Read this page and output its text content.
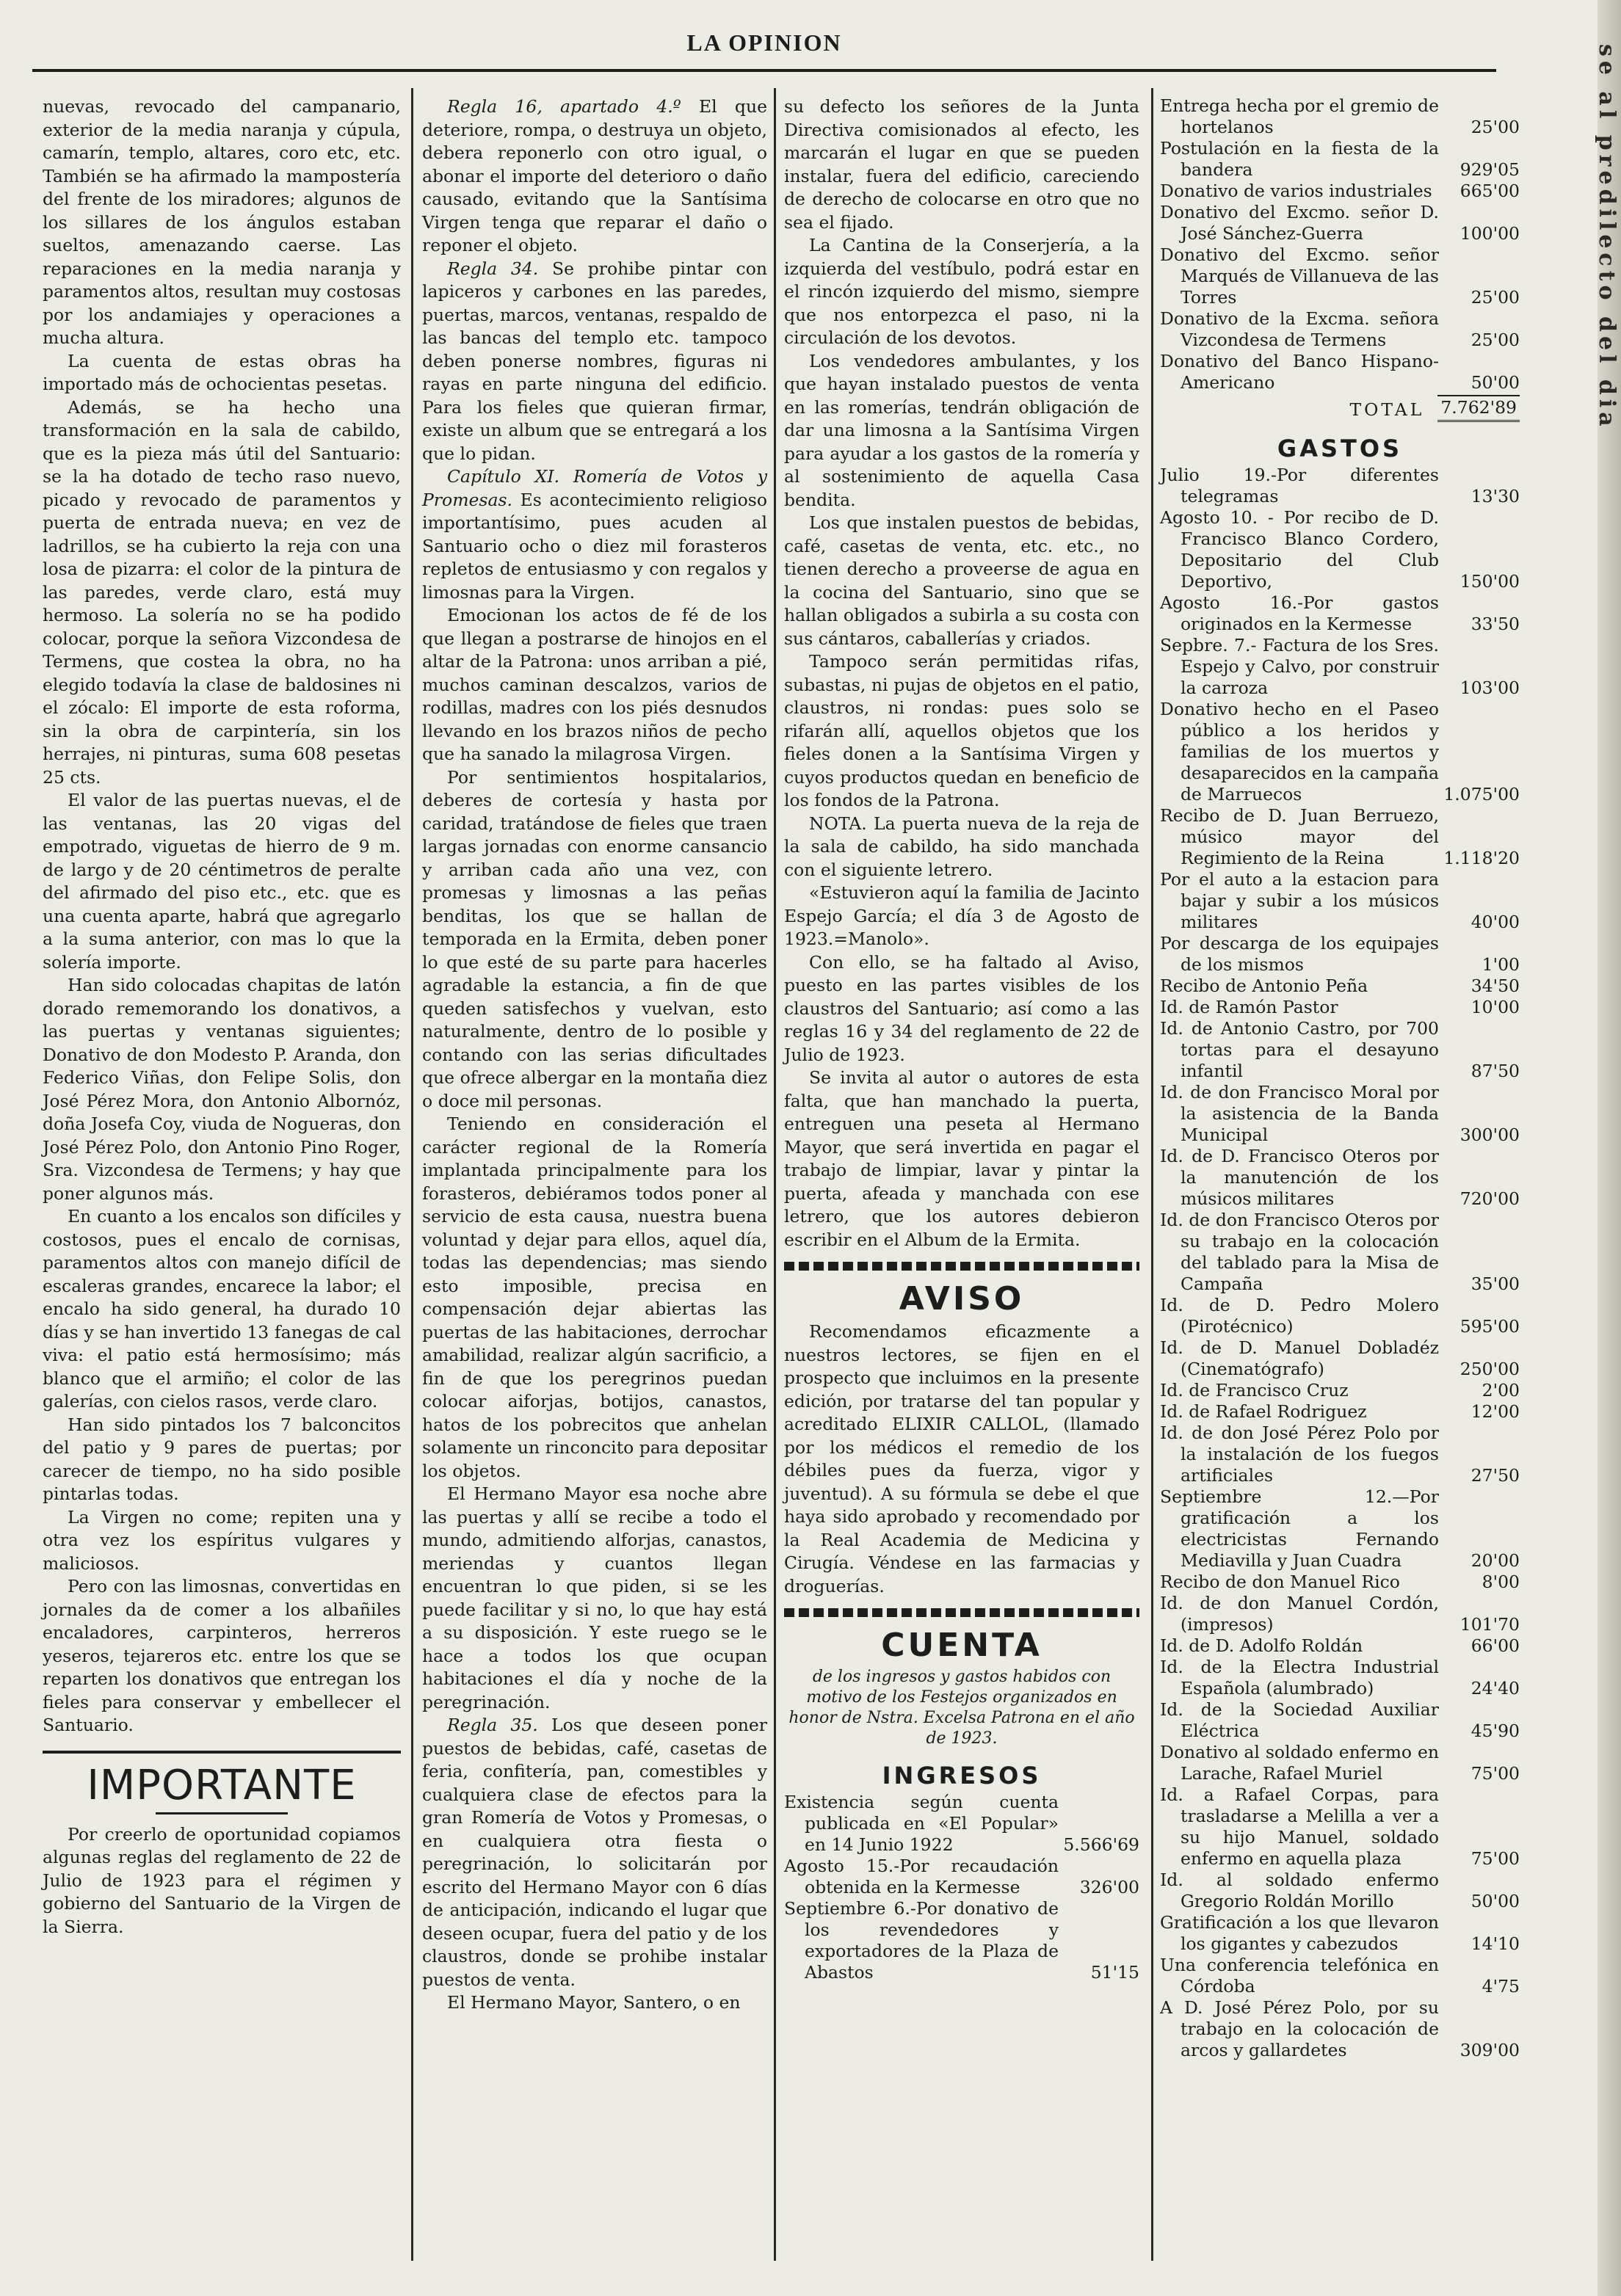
LA OPINION

nuevas, revocado del campanario, exterior de la media naranja y cúpula, camarín, templo, altares, coro etc, etc. También se ha afirmado la mampostería del frente de los miradores; algunos de los sillares de los ángulos estaban sueltos, amenazando caerse. Las reparaciones en la media naranja y paramentos altos, resultan muy costosas por los andamiajes y operaciones a mucha altura.

La cuenta de estas obras ha importado más de ochocientas pesetas.

Además, se ha hecho una transformación en la sala de cabildo, que es la pieza más útil del Santuario: se la ha dotado de techo raso nuevo, picado y revocado de paramentos y puerta de entrada nueva; en vez de ladrillos, se ha cubierto la reja con una losa de pizarra: el color de la pintura de las paredes, verde claro, está muy hermoso. La solería no se ha podido colocar, porque la señora Vizcondesa de Termens, que costea la obra, no ha elegido todavía la clase de baldosines ni el zócalo: El importe de esta roforma, sin la obra de carpintería, sin los herrajes, ni pinturas, suma 608 pesetas 25 cts.

El valor de las puertas nuevas, el de las ventanas, las 20 vigas del empotrado, viguetas de hierro de 9 m. de largo y de 20 céntimetros de peralte del afirmado del piso etc., etc. que es una cuenta aparte, habrá que agregarlo a la suma anterior, con mas lo que la solería importe.

Han sido colocadas chapitas de latón dorado rememorando los donativos, a las puertas y ventanas siguientes; Donativo de don Modesto P. Aranda, don Federico Viñas, don Felipe Solis, don José Pérez Mora, don Antonio Albornóz, doña Josefa Coy, viuda de Nogueras, don José Pérez Polo, don Antonio Pino Roger, Sra. Vizcondesa de Termens; y hay que poner algunos más.

En cuanto a los encalos son difíciles y costosos, pues el encalo de cornisas, paramentos altos con manejo difícil de escaleras grandes, encarece la labor; el encalo ha sido general, ha durado 10 días y se han invertido 13 fanegas de cal viva: el patio está hermosísimo; más blanco que el armiño; el color de las galerías, con cielos rasos, verde claro.

Han sido pintados los 7 balconcitos del patio y 9 pares de puertas; por carecer de tiempo, no ha sido posible pintarlas todas.

La Virgen no come; repiten una y otra vez los espíritus vulgares y maliciosos.

Pero con las limosnas, convertidas en jornales da de comer a los albañiles encaladores, carpinteros, herreros yeseros, tejareros etc. entre los que se reparten los donativos que entregan los fieles para conservar y embellecer el Santuario.

IMPORTANTE

Por creerlo de oportunidad copiamos algunas reglas del reglamento de 22 de Julio de 1923 para el régimen y gobierno del Santuario de la Virgen de la Sierra.

Regla 16, apartado 4.º El que deteriore, rompa, o destruya un objeto, debera reponerlo con otro igual, o abonar el importe del deterioro o daño causado, evitando que la Santísima Virgen tenga que reparar el daño o reponer el objeto.

Regla 34. Se prohibe pintar con lapiceros y carbones en las paredes, puertas, marcos, ventanas, respaldo de las bancas del templo etc. tampoco deben ponerse nombres, figuras ni rayas en parte ninguna del edificio. Para los fieles que quieran firmar, existe un album que se entregará a los que lo pidan.

Capítulo XI. Romería de Votos y Promesas. Es acontecimiento religioso importantísimo, pues acuden al Santuario ocho o diez mil forasteros repletos de entusiasmo y con regalos y limosnas para la Virgen.

Emocionan los actos de fé de los que llegan a postrarse de hinojos en el altar de la Patrona: unos arriban a pié, muchos caminan descalzos, varios de rodillas, madres con los piés desnudos llevando en los brazos niños de pecho que ha sanado la milagrosa Virgen.

Por sentimientos hospitalarios, deberes de cortesía y hasta por caridad, tratándose de fieles que traen largas jornadas con enorme cansancio y arriban cada año una vez, con promesas y limosnas a las peñas benditas, los que se hallan de temporada en la Ermita, deben poner lo que esté de su parte para hacerles agradable la estancia, a fin de que queden satisfechos y vuelvan, esto naturalmente, dentro de lo posible y contando con las serias dificultades que ofrece albergar en la montaña diez o doce mil personas.

Teniendo en consideración el carácter regional de la Romería implantada principalmente para los forasteros, debiéramos todos poner al servicio de esta causa, nuestra buena voluntad y dejar para ellos, aquel día, todas las dependencias; mas siendo esto imposible, precisa en compensación dejar abiertas las puertas de las habitaciones, derrochar amabilidad, realizar algún sacrificio, a fin de que los peregrinos puedan colocar aiforjas, botijos, canastos, hatos de los pobrecitos que anhelan solamente un rinconcito para depositar los objetos.

El Hermano Mayor esa noche abre las puertas y allí se recibe a todo el mundo, admitiendo alforjas, canastos, meriendas y cuantos llegan encuentran lo que piden, si se les puede facilitar y si no, lo que hay está a su disposición. Y este ruego se le hace a todos los que ocupan habitaciones el día y noche de la peregrinación.

Regla 35. Los que deseen poner puestos de bebidas, café, casetas de feria, confitería, pan, comestibles y cualquiera clase de efectos para la gran Romería de Votos y Promesas, o en cualquiera otra fiesta o peregrinación, lo solicitarán por escrito del Hermano Mayor con 6 días de anticipación, indicando el lugar que deseen ocupar, fuera del patio y de los claustros, donde se prohibe instalar puestos de venta.

El Hermano Mayor, Santero, o en

su defecto los señores de la Junta Directiva comisionados al efecto, les marcarán el lugar en que se pueden instalar, fuera del edificio, careciendo de derecho de colocarse en otro que no sea el fijado.

La Cantina de la Conserjería, a la izquierda del vestíbulo, podrá estar en el rincón izquierdo del mismo, siempre que nos entorpezca el paso, ni la circulación de los devotos.

Los vendedores ambulantes, y los que hayan instalado puestos de venta en las romerías, tendrán obligación de dar una limosna a la Santísima Virgen para ayudar a los gastos de la romería y al sostenimiento de aquella Casa bendita.

Los que instalen puestos de bebidas, café, casetas de venta, etc. etc., no tienen derecho a proveerse de agua en la cocina del Santuario, sino que se hallan obligados a subirla a su costa con sus cántaros, caballerías y criados.

Tampoco serán permitidas rifas, subastas, ni pujas de objetos en el patio, claustros, ni rondas: pues solo se rifarán allí, aquellos objetos que los fieles donen a la Santísima Virgen y cuyos productos quedan en beneficio de los fondos de la Patrona.

NOTA. La puerta nueva de la reja de la sala de cabildo, ha sido manchada con el siguiente letrero.

«Estuvieron aquí la familia de Jacinto Espejo García; el día 3 de Agosto de 1923.=Manolo».

Con ello, se ha faltado al Aviso, puesto en las partes visibles de los claustros del Santuario; así como a las reglas 16 y 34 del reglamento de 22 de Julio de 1923.

Se invita al autor o autores de esta falta, que han manchado la puerta, entreguen una peseta al Hermano Mayor, que será invertida en pagar el trabajo de limpiar, lavar y pintar la puerta, afeada y manchada con ese letrero, que los autores debieron escribir en el Album de la Ermita.

AVISO

Recomendamos eficazmente a nuestros lectores, se fijen en el prospecto que incluimos en la presente edición, por tratarse del tan popular y acreditado ELIXIR CALLOL, (llamado por los médicos el remedio de los débiles pues da fuerza, vigor y juventud). A su fórmula se debe el que haya sido aprobado y recomendado por la Real Academia de Medicina y Cirugía. Véndese en las farmacias y droguerías.

CUENTA
de los ingresos y gastos habidos con motivo de los Festejos organizados en honor de Nstra. Excelsa Patrona en el año de 1923.
INGRESOS
Existencia según cuenta publicada en «El Popular» en 14 Junio 1922	5.566'69
Agosto 15.-Por recaudación obtenida en la Kermesse	326'00
Septiembre 6.-Por donativo de los revendedores y exportadores de la Plaza de Abastos	51'15
Entrega hecha por el gremio de hortelanos	25'00
Postulación en la fiesta de la bandera	929'05
Donativo de varios industriales	665'00
Donativo del Excmo. señor D. José Sánchez-Guerra	100'00
Donativo del Excmo. señor Marqués de Villanueva de las Torres	25'00
Donativo de la Excma. señora Vizcondesa de Termens	25'00
Donativo del Banco Hispano-Americano	50'00
TOTAL 7.762'89
GASTOS
Julio 19.-Por diferentes telegramas	13'30
Agosto 10. - Por recibo de D. Francisco Blanco Cordero, Depositario del Club Deportivo,	150'00
Agosto 16.-Por gastos originados en la Kermesse	33'50
Sepbre. 7.- Factura de los Sres. Espejo y Calvo, por construir la carroza	103'00
Donativo hecho en el Paseo público a los heridos y familias de los muertos y desaparecidos en la campaña de Marruecos	1.075'00
Recibo de D. Juan Berruezo, músico mayor del Regimiento de la Reina	1.118'20
Por el auto a la estacion para bajar y subir a los músicos militares	40'00
Por descarga de los equipajes de los mismos	1'00
Recibo de Antonio Peña	34'50
Id. de Ramón Pastor	10'00
Id. de Antonio Castro, por 700 tortas para el desayuno infantil	87'50
Id. de don Francisco Moral por la asistencia de la Banda Municipal	300'00
Id. de D. Francisco Oteros por la manutención de los músicos militares	720'00
Id. de don Francisco Oteros por su trabajo en la colocación del tablado para la Misa de Campaña	35'00
Id. de D. Pedro Molero (Pirotécnico)	595'00
Id. de D. Manuel Dobladéz (Cinematógrafo)	250'00
Id. de Francisco Cruz	2'00
Id. de Rafael Rodriguez	12'00
Id. de don José Pérez Polo por la instalación de los fuegos artificiales	27'50
Septiembre 12.—Por gratificación a los electricistas Fernando Mediavilla y Juan Cuadra	20'00
Recibo de don Manuel Rico	8'00
Id. de don Manuel Cordón, (impresos)	101'70
Id. de D. Adolfo Roldán	66'00
Id. de la Electra Industrial Española (alumbrado)	24'40
Id. de la Sociedad Auxiliar Eléctrica	45'90
Donativo al soldado enfermo en Larache, Rafael Muriel	75'00
Id. a Rafael Corpas, para trasladarse a Melilla a ver a su hijo Manuel, soldado enfermo en aquella plaza	75'00
Id. al soldado enfermo Gregorio Roldán Morillo	50'00
Gratificación a los que llevaron los gigantes y cabezudos	14'10
Una conferencia telefónica en Córdoba	4'75
A D. José Pérez Polo, por su trabajo en la colocación de arcos y gallardetes	309'00
se al predilecto del dia
